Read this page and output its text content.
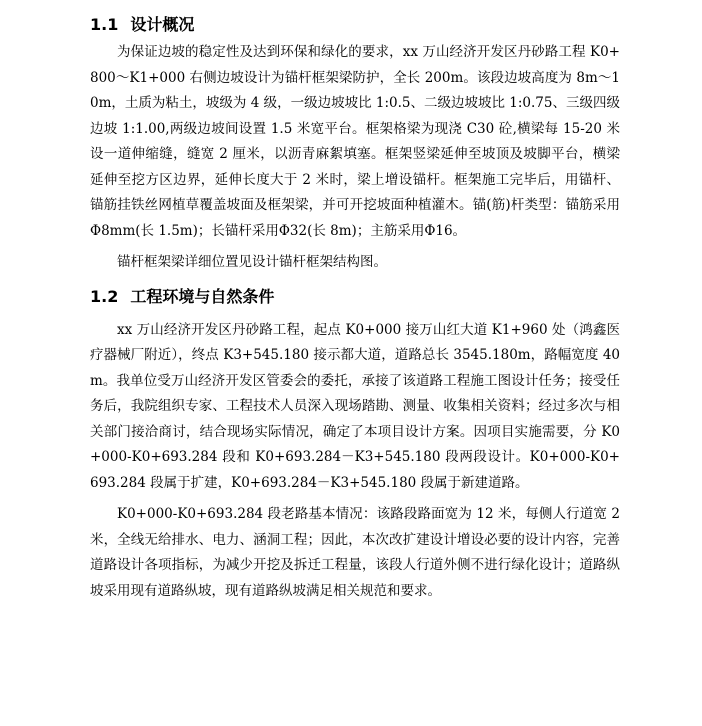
1.1 设计概况

为保证边坡的稳定性及达到环保和绿化的要求，xx 万山经济开发区丹砂路工程 K0+800～K1+000 右侧边坡设计为锚杆框架梁防护，全长 200m。该段边坡高度为 8m～10m，土质为粘土，坡级为 4 级，一级边坡坡比 1:0.5、二级边坡坡比 1:0.75、三级四级边坡 1:1.00,两级边坡间设置 1.5 米宽平台。框架格梁为现浇 C30 砼,横梁每 15-20 米设一道伸缩缝，缝宽 2 厘米，以沥青麻絮填塞。框架竖梁延伸至坡顶及坡脚平台，横梁延伸至挖方区边界，延伸长度大于 2 米时，梁上增设锚杆。框架施工完毕后，用锚杆、锚筋挂铁丝网植草覆盖坡面及框架梁，并可开挖坡面种植灌木。锚(筋)杆类型：锚筋采用Φ8mm(长 1.5m)；长锚杆采用Φ32(长 8m)；主筋采用Φ16。

锚杆框架梁详细位置见设计锚杆框架结构图。

1.2 工程环境与自然条件

xx 万山经济开发区丹砂路工程，起点 K0+000 接万山红大道 K1+960 处（鸿鑫医疗器械厂附近），终点 K3+545.180 接示都大道，道路总长 3545.180m，路幅宽度 40m。我单位受万山经济开发区管委会的委托，承接了该道路工程施工图设计任务；接受任务后，我院组织专家、工程技术人员深入现场踏勘、测量、收集相关资料；经过多次与相关部门接洽商讨，结合现场实际情况，确定了本项目设计方案。因项目实施需要，分 K0+000-K0+693.284 段和 K0+693.284－K3+545.180 段两段设计。K0+000-K0+693.284 段属于扩建，K0+693.284－K3+545.180 段属于新建道路。

K0+000-K0+693.284 段老路基本情况：该路段路面宽为 12 米，每侧人行道宽 2 米，全线无给排水、电力、涵洞工程；因此，本次改扩建设计增设必要的设计内容，完善道路设计各项指标，为减少开挖及拆迁工程量，该段人行道外侧不进行绿化设计；道路纵坡采用现有道路纵坡，现有道路纵坡满足相关规范和要求。
